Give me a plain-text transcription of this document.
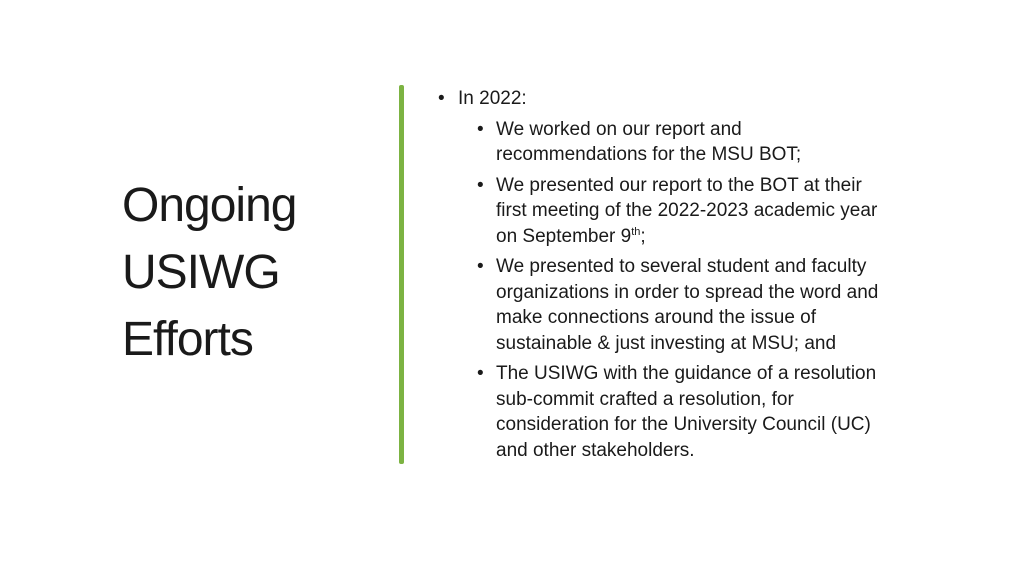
Ongoing
USIWG
Efforts
• In 2022:
• We worked on our report and
recommendations for the MSU BOT;
• We presented our report to the BOT at their
first meeting of the 2022-2023 academic year
on September 9th;
• We presented to several student and faculty
organizations in order to spread the word and
make connections around the issue of
sustainable & just investing at MSU; and
• The USIWG with the guidance of a resolution
sub-commit crafted a resolution, for
consideration for the University Council (UC)
and other stakeholders.
